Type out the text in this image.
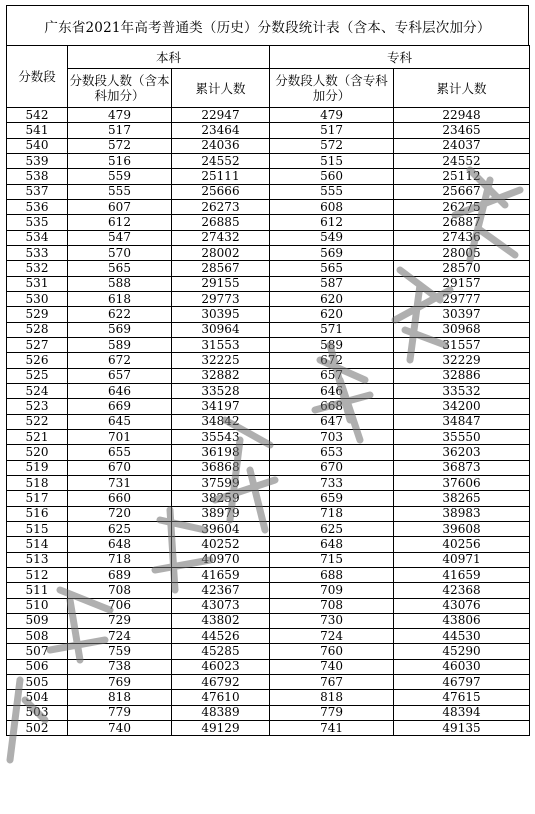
广东省2021年高考普通类（历史）分数段统计表（含本、专科层次加分）
分数段	本科		专科	
	分数段人数（含本科加分）	累计人数	分数段人数（含专科加分）	累计人数
542	479	22947	479	22948
541	517	23464	517	23465
540	572	24036	572	24037
539	516	24552	515	24552
538	559	25111	560	25112
537	555	25666	555	25667
536	607	26273	608	26275
535	612	26885	612	26887
534	547	27432	549	27436
533	570	28002	569	28005
532	565	28567	565	28570
531	588	29155	587	29157
530	618	29773	620	29777
529	622	30395	620	30397
528	569	30964	571	30968
527	589	31553	589	31557
526	672	32225	672	32229
525	657	32882	657	32886
524	646	33528	646	33532
523	669	34197	668	34200
522	645	34842	647	34847
521	701	35543	703	35550
520	655	36198	653	36203
519	670	36868	670	36873
518	731	37599	733	37606
517	660	38259	659	38265
516	720	38979	718	38983
515	625	39604	625	39608
514	648	40252	648	40256
513	718	40970	715	40971
512	689	41659	688	41659
511	708	42367	709	42368
510	706	43073	708	43076
509	729	43802	730	43806
508	724	44526	724	44530
507	759	45285	760	45290
506	738	46023	740	46030
505	769	46792	767	46797
504	818	47610	818	47615
503	779	48389	779	48394
502	740	49129	741	49135
